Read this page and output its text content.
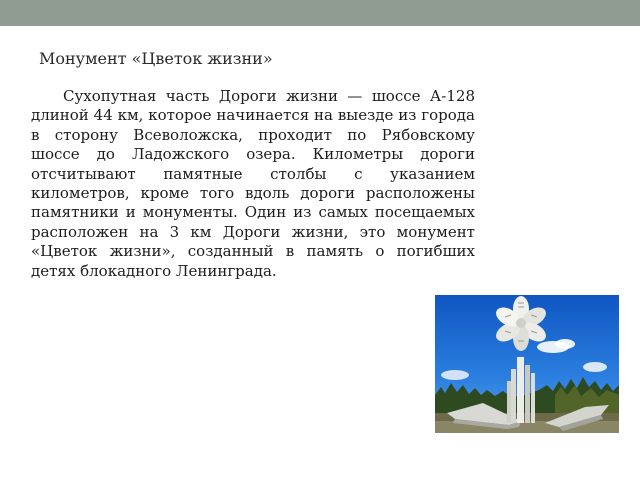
Монумент «Цветок жизни»

Сухопутная часть Дороги жизни — шоссе А-128 длиной 44 км, которое начинается на выезде из города в сторону Всеволожска, проходит по Рябовскому шоссе до Ладожского озера. Километры дороги отсчитывают памятные столбы с указанием километров, кроме того вдоль дороги расположены памятники и монументы. Один из самых посещаемых расположен на 3 км Дороги жизни, это монумент «Цветок жизни», созданный в память о погибших детях блокадного Ленинграда.
